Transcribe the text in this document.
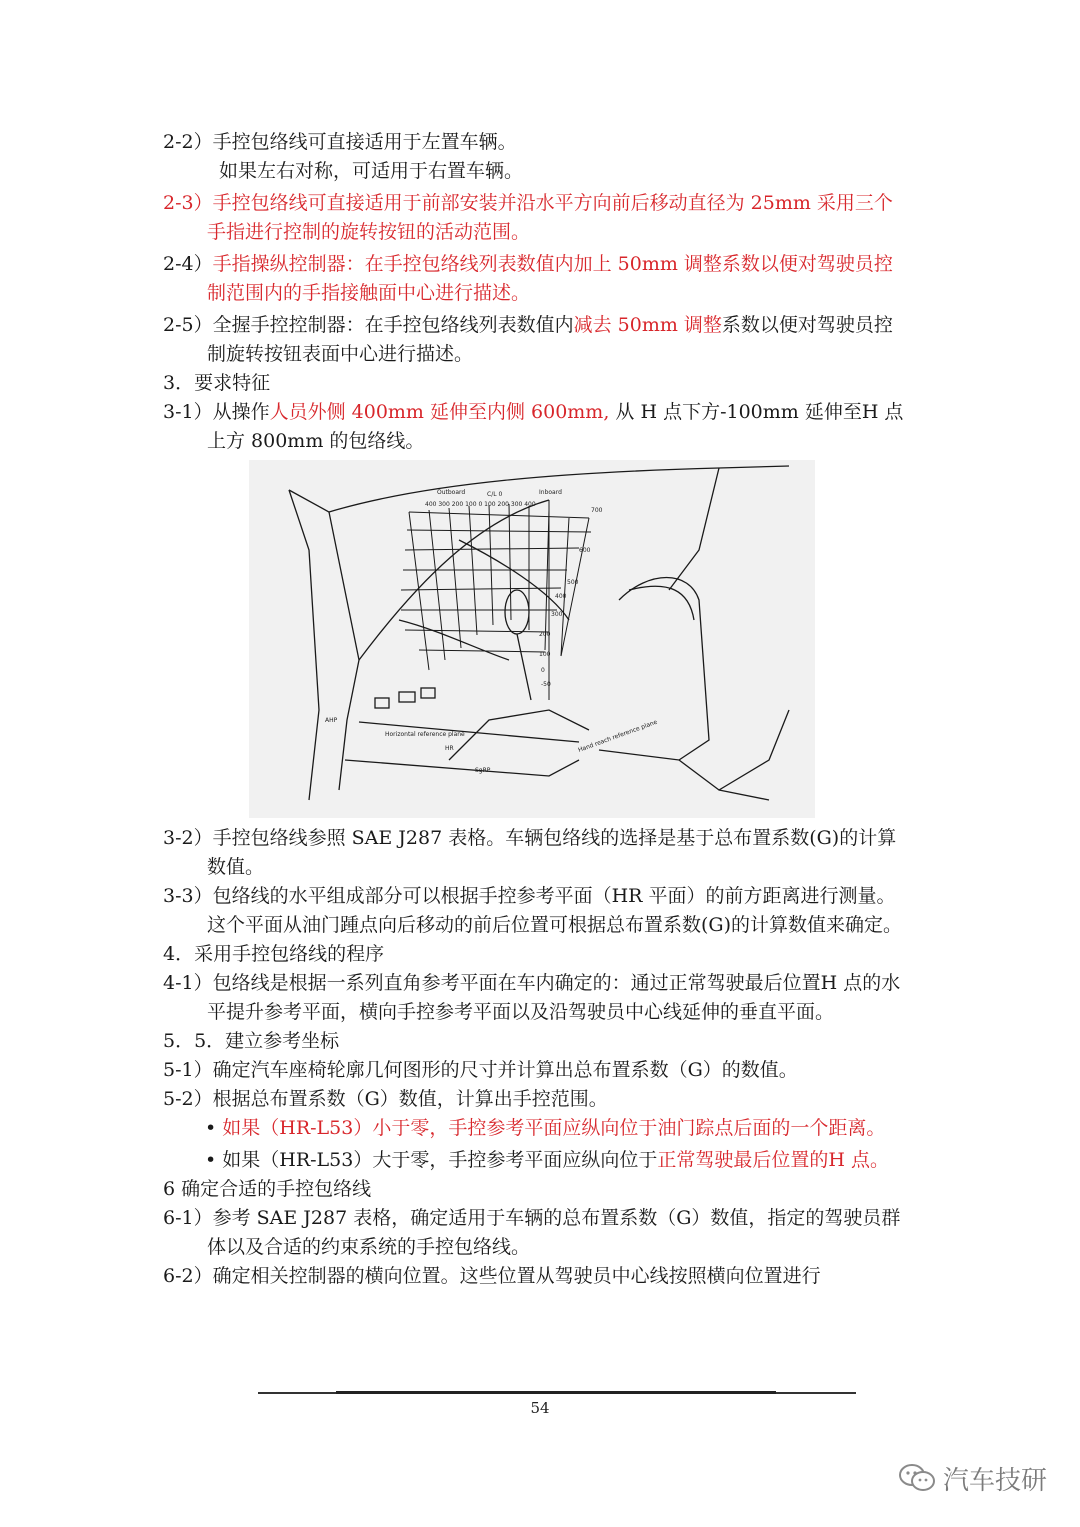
2-2）手控包络线可直接适用于左置车辆。

如果左右对称，可适用于右置车辆。

2-3）手控包络线可直接适用于前部安装并沿水平方向前后移动直径为 25mm 采用三个手指进行控制的旋转按钮的活动范围。

2-4）手指操纵控制器：在手控包络线列表数值内加上 50mm 调整系数以便对驾驶员控制范围内的手指接触面中心进行描述。

2-5）全握手控控制器：在手控包络线列表数值内减去 50mm 调整系数以便对驾驶员控制旋转按钮表面中心进行描述。

3．要求特征

3-1）从操作人员外侧 400mm 延伸至内侧 600mm, 从 H 点下方-100mm 延伸至H 点上方 800mm 的包络线。

Outboard	C/L 0	Inboard
400 300 200 100 0 100 200 300 400
700
600
500
400
300
200
100
0
-50
AHP
HR
SgRP
Horizontal reference plane	Hand reach reference plane

3-2）手控包络线参照 SAE J287 表格。车辆包络线的选择是基于总布置系数(G)的计算数值。

3-3）包络线的水平组成部分可以根据手控参考平面（HR 平面）的前方距离进行测量。这个平面从油门踵点向后移动的前后位置可根据总布置系数(G)的计算数值来确定。

4．采用手控包络线的程序

4-1）包络线是根据一系列直角参考平面在车内确定的：通过正常驾驶最后位置H 点的水平提升参考平面，横向手控参考平面以及沿驾驶员中心线延伸的垂直平面。

5．5．建立参考坐标

5-1）确定汽车座椅轮廓几何图形的尺寸并计算出总布置系数（G）的数值。

5-2）根据总布置系数（G）数值，计算出手控范围。

• 如果（HR-L53）小于零，手控参考平面应纵向位于油门踪点后面的一个距离。

• 如果（HR-L53）大于零，手控参考平面应纵向位于正常驾驶最后位置的H 点。

6 确定合适的手控包络线

6-1）参考 SAE J287 表格，确定适用于车辆的总布置系数（G）数值，指定的驾驶员群体以及合适的约束系统的手控包络线。

6-2）确定相关控制器的横向位置。这些位置从驾驶员中心线按照横向位置进行

54
汽车技研
